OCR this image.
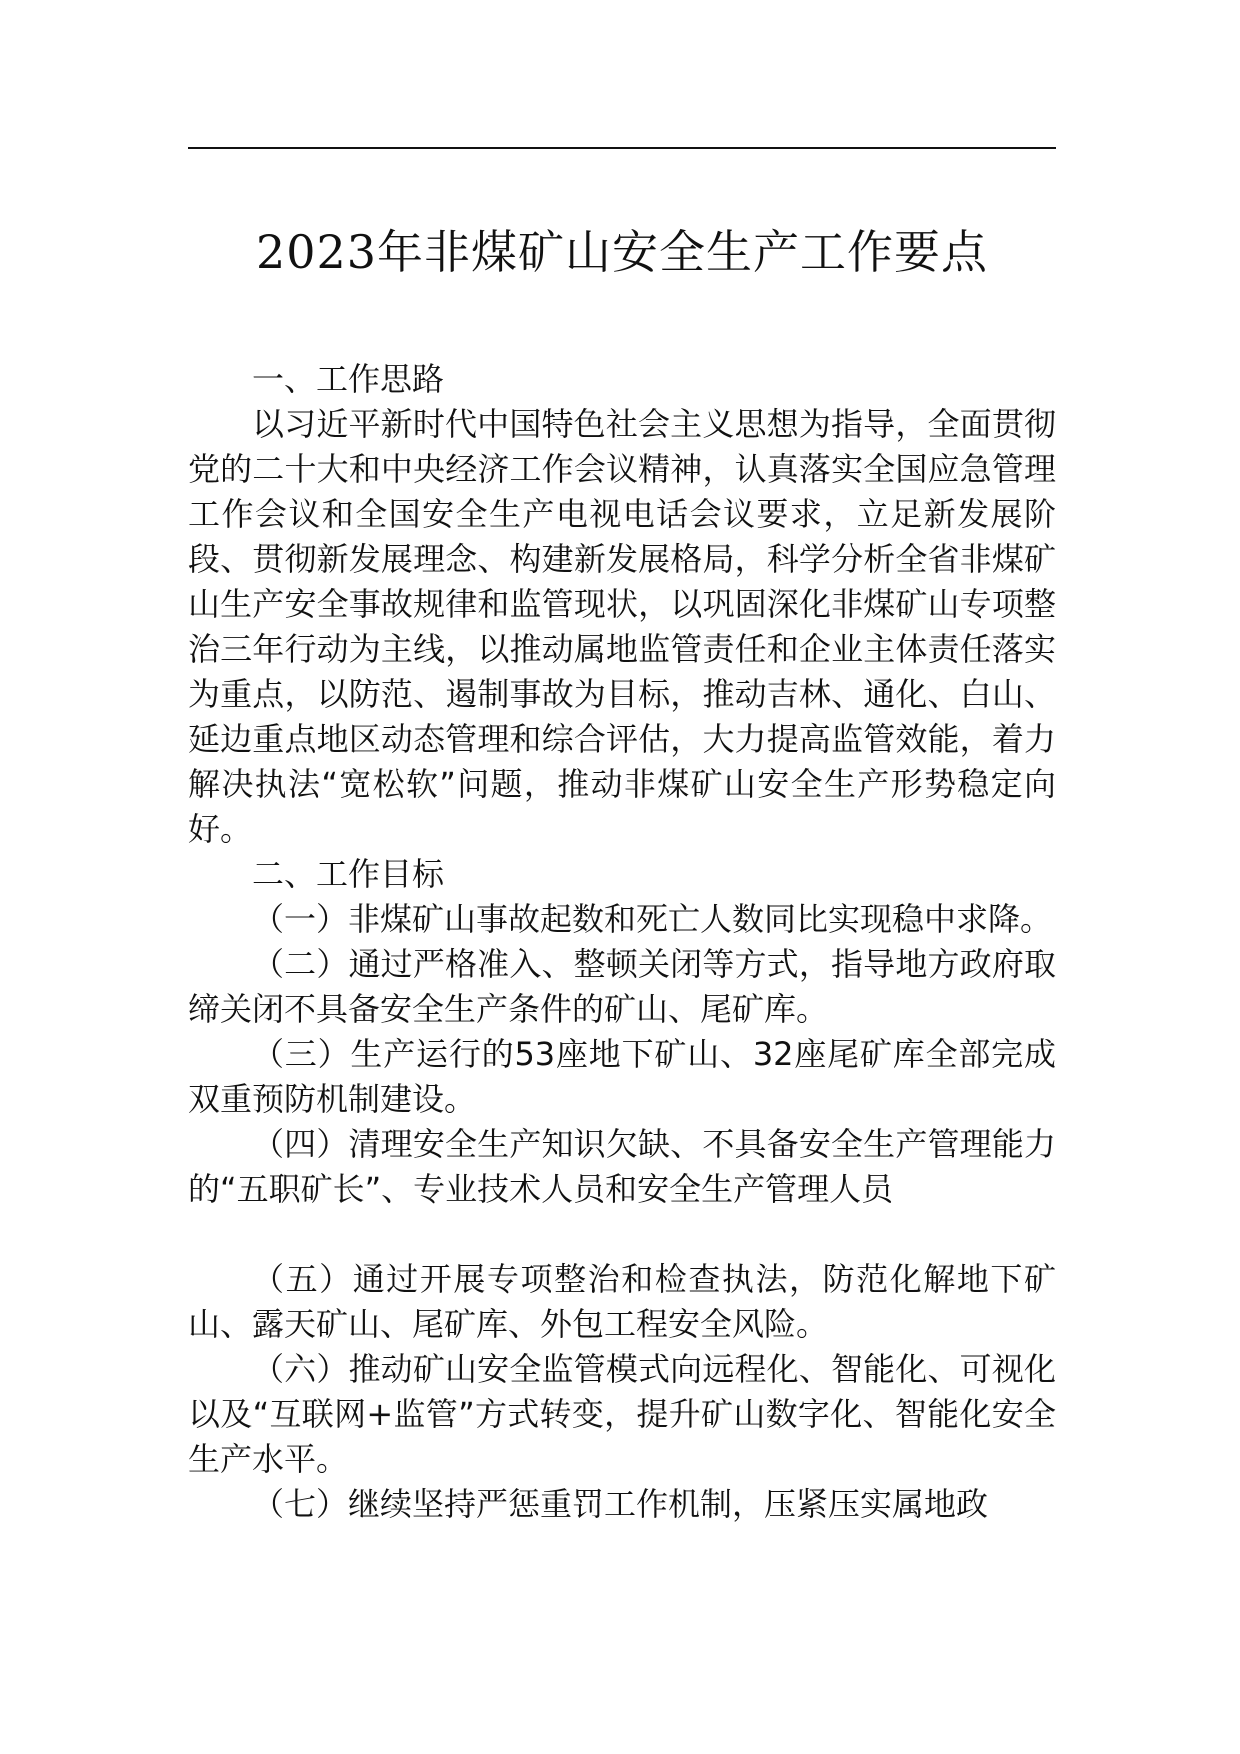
2023年非煤矿山安全生产工作要点

一、工作思路

以习近平新时代中国特色社会主义思想为指导，全面贯彻党的二十大和中央经济工作会议精神，认真落实全国应急管理工作会议和全国安全生产电视电话会议要求，立足新发展阶段、贯彻新发展理念、构建新发展格局，科学分析全省非煤矿山生产安全事故规律和监管现状，以巩固深化非煤矿山专项整治三年行动为主线，以推动属地监管责任和企业主体责任落实为重点，以防范、遏制事故为目标，推动吉林、通化、白山、延边重点地区动态管理和综合评估，大力提高监管效能，着力解决执法“宽松软”问题，推动非煤矿山安全生产形势稳定向好。

二、工作目标

（一）非煤矿山事故起数和死亡人数同比实现稳中求降。

（二）通过严格准入、整顿关闭等方式，指导地方政府取缔关闭不具备安全生产条件的矿山、尾矿库。

（三）生产运行的53座地下矿山、32座尾矿库全部完成双重预防机制建设。

（四）清理安全生产知识欠缺、不具备安全生产管理能力的“五职矿长”、专业技术人员和安全生产管理人员

（五）通过开展专项整治和检查执法，防范化解地下矿山、露天矿山、尾矿库、外包工程安全风险。

（六）推动矿山安全监管模式向远程化、智能化、可视化以及“互联网+监管”方式转变，提升矿山数字化、智能化安全生产水平。

（七）继续坚持严惩重罚工作机制，压紧压实属地政
